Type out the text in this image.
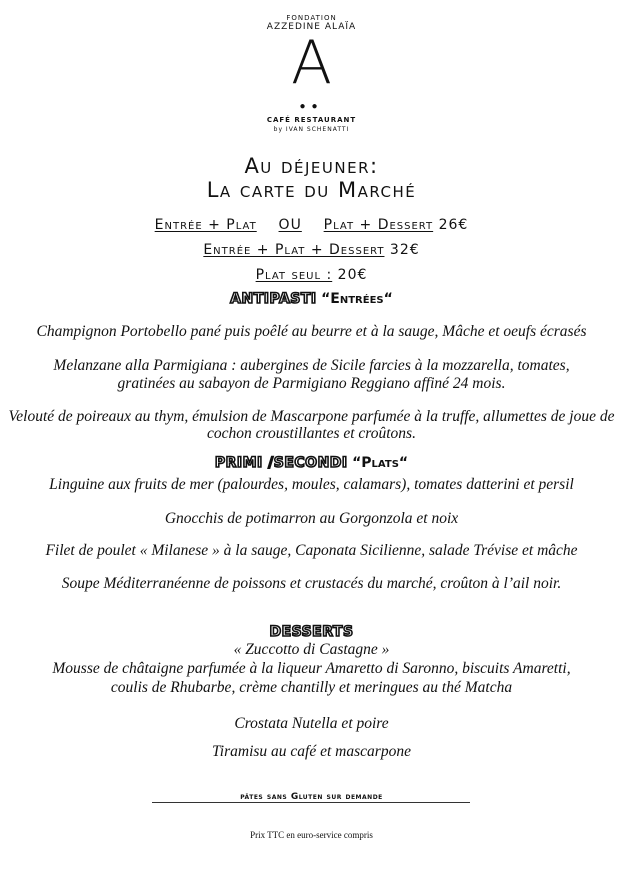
FONDATION
AZZEDINE ALAÏA
A
●●
CAFÉ RESTAURANT
by IVAN SCHENATTI
Au déjeuner:
La carte du Marché
Entrée + Plat OU Plat + Dessert 26€
Entrée + Plat + Dessert 32€
Plat seul : 20€
ANTIPASTI “Entrées“
Champignon Portobello pané puis poêlé au beurre et à la sauge, Mâche et oeufs écrasés
Melanzane alla Parmigiana : aubergines de Sicile farcies à la mozzarella, tomates,
gratinées au sabayon de Parmigiano Reggiano affiné 24 mois.
Velouté de poireaux au thym, émulsion de Mascarpone parfumée à la truffe, allumettes de joue de
cochon croustillantes et croûtons.
PRIMI /SECONDI “Plats“
Linguine aux fruits de mer (palourdes, moules, calamars), tomates datterini et persil
Gnocchis de potimarron au Gorgonzola et noix
Filet de poulet « Milanese » à la sauge, Caponata Sicilienne, salade Trévise et mâche
Soupe Méditerranéenne de poissons et crustacés du marché, croûton à l’ail noir.
DESSERTS
« Zuccotto di Castagne »
Mousse de châtaigne parfumée à la liqueur Amaretto di Saronno, biscuits Amaretti,
coulis de Rhubarbe, crème chantilly et meringues au thé Matcha
Crostata Nutella et poire
Tiramisu au café et mascarpone
pâtes sans Gluten sur demande
Prix TTC en euro-service compris
